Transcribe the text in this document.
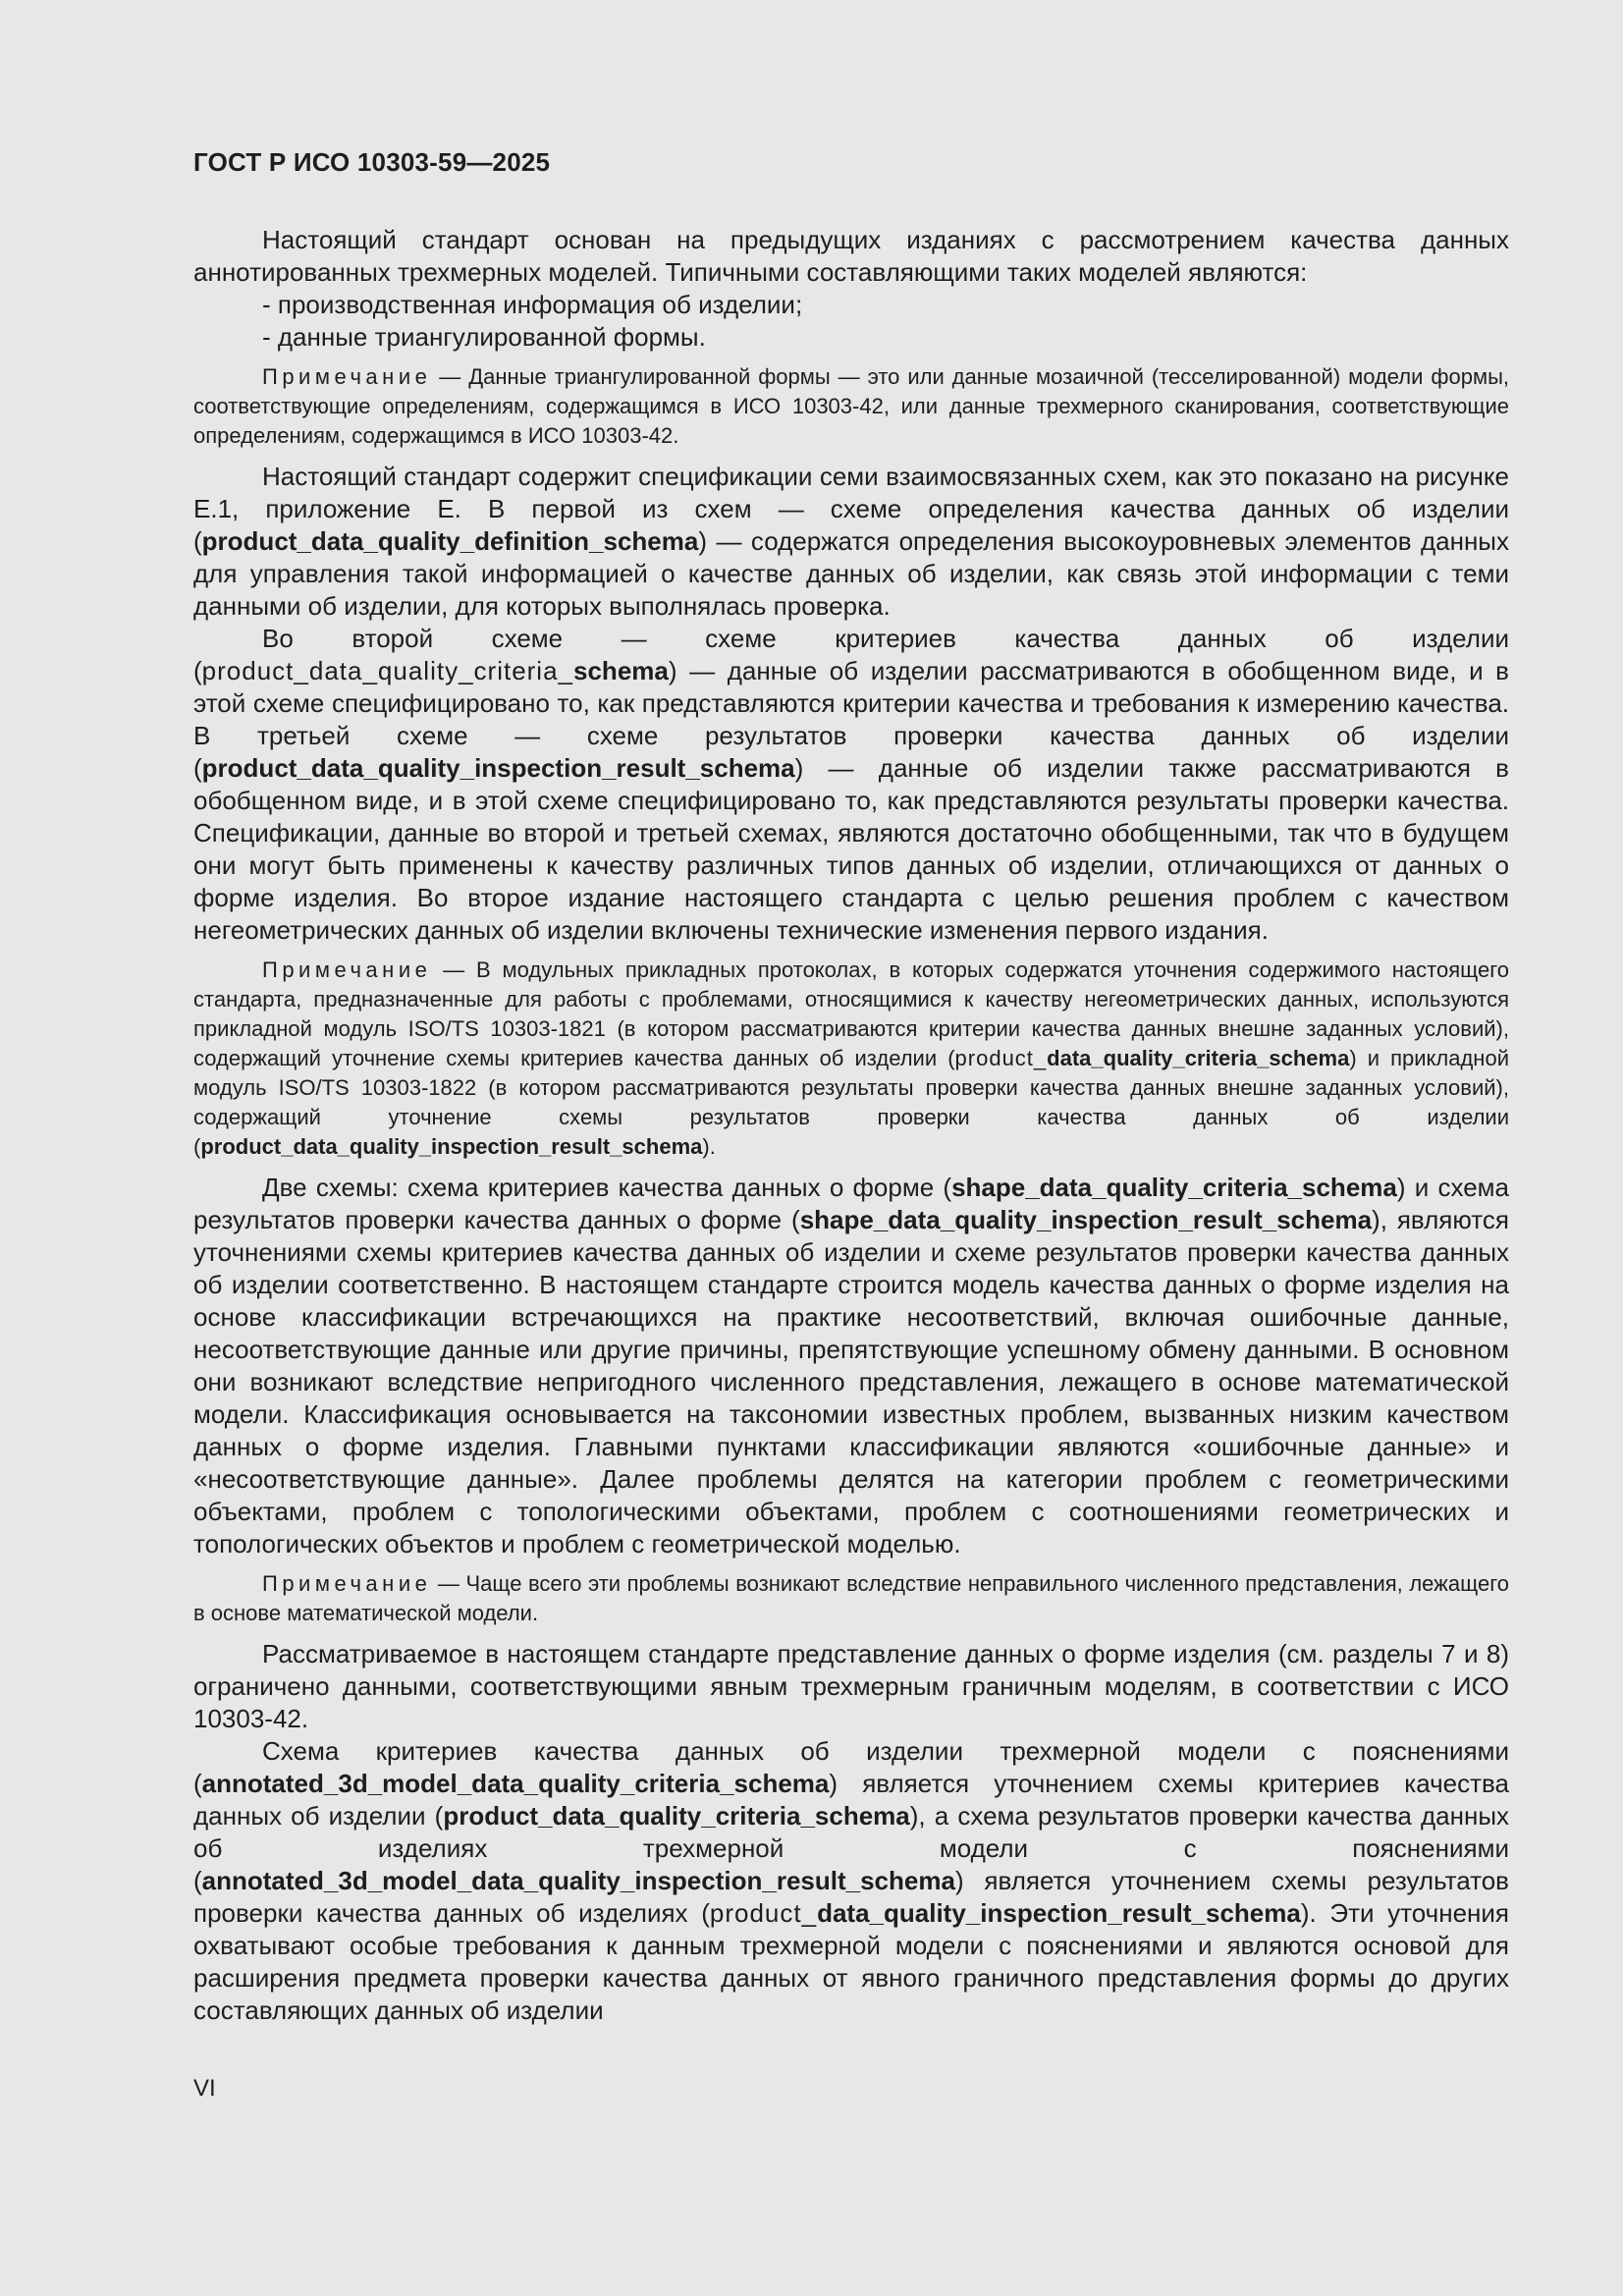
ГОСТ Р ИСО 10303-59—2025

Настоящий стандарт основан на предыдущих изданиях с рассмотрением качества данных аннотированных трехмерных моделей. Типичными составляющими таких моделей являются:

- производственная информация об изделии;

- данные триангулированной формы.

Примечание — Данные триангулированной формы — это или данные мозаичной (тесселированной) модели формы, соответствующие определениям, содержащимся в ИСО 10303-42, или данные трехмерного сканирования, соответствующие определениям, содержащимся в ИСО 10303-42.

Настоящий стандарт содержит спецификации семи взаимосвязанных схем, как это показано на рисунке Е.1, приложение Е. В первой из схем — схеме определения качества данных об изделии (product_data_quality_definition_schema) — содержатся определения высокоуровневых элементов данных для управления такой информацией о качестве данных об изделии, как связь этой информации с теми данными об изделии, для которых выполнялась проверка.

Во второй схеме — схеме критериев качества данных об изделии (product_data_quality_criteria_schema) — данные об изделии рассматриваются в обобщенном виде, и в этой схеме специфицировано то, как представляются критерии качества и требования к измерению качества. В третьей схеме — схеме результатов проверки качества данных об изделии (product_data_quality_inspection_result_schema) — данные об изделии также рассматриваются в обобщенном виде, и в этой схеме специфицировано то, как представляются результаты проверки качества. Спецификации, данные во второй и третьей схемах, являются достаточно обобщенными, так что в будущем они могут быть применены к качеству различных типов данных об изделии, отличающихся от данных о форме изделия. Во второе издание настоящего стандарта с целью решения проблем с качеством негеометрических данных об изделии включены технические изменения первого издания.

Примечание — В модульных прикладных протоколах, в которых содержатся уточнения содержимого настоящего стандарта, предназначенные для работы с проблемами, относящимися к качеству негеометрических данных, используются прикладной модуль ISO/TS 10303-1821 (в котором рассматриваются критерии качества данных внешне заданных условий), содержащий уточнение схемы критериев качества данных об изделии (product_data_quality_criteria_schema) и прикладной модуль ISO/TS 10303-1822 (в котором рассматриваются результаты проверки качества данных внешне заданных условий), содержащий уточнение схемы результатов проверки качества данных об изделии (product_data_quality_inspection_result_schema).

Две схемы: схема критериев качества данных о форме (shape_data_quality_criteria_schema) и схема результатов проверки качества данных о форме (shape_data_quality_inspection_result_schema), являются уточнениями схемы критериев качества данных об изделии и схеме результатов проверки качества данных об изделии соответственно. В настоящем стандарте строится модель качества данных о форме изделия на основе классификации встречающихся на практике несоответствий, включая ошибочные данные, несоответствующие данные или другие причины, препятствующие успешному обмену данными. В основном они возникают вследствие непригодного численного представления, лежащего в основе математической модели. Классификация основывается на таксономии известных проблем, вызванных низким качеством данных о форме изделия. Главными пунктами классификации являются «ошибочные данные» и «несоответствующие данные». Далее проблемы делятся на категории проблем с геометрическими объектами, проблем с топологическими объектами, проблем с соотношениями геометрических и топологических объектов и проблем с геометрической моделью.

Примечание — Чаще всего эти проблемы возникают вследствие неправильного численного представления, лежащего в основе математической модели.

Рассматриваемое в настоящем стандарте представление данных о форме изделия (см. разделы 7 и 8) ограничено данными, соответствующими явным трехмерным граничным моделям, в соответствии с ИСО 10303-42.

Схема критериев качества данных об изделии трехмерной модели с пояснениями (annotated_3d_model_data_quality_criteria_schema) является уточнением схемы критериев качества данных об изделии (product_data_quality_criteria_schema), а схема результатов проверки качества данных об изделиях трехмерной модели с пояснениями (annotated_3d_model_data_quality_inspection_result_schema) является уточнением схемы результатов проверки качества данных об изделиях (product_data_quality_inspection_result_schema). Эти уточнения охватывают особые требования к данным трехмерной модели с пояснениями и являются основой для расширения предмета проверки качества данных от явного граничного представления формы до других составляющих данных об изделии

VI
